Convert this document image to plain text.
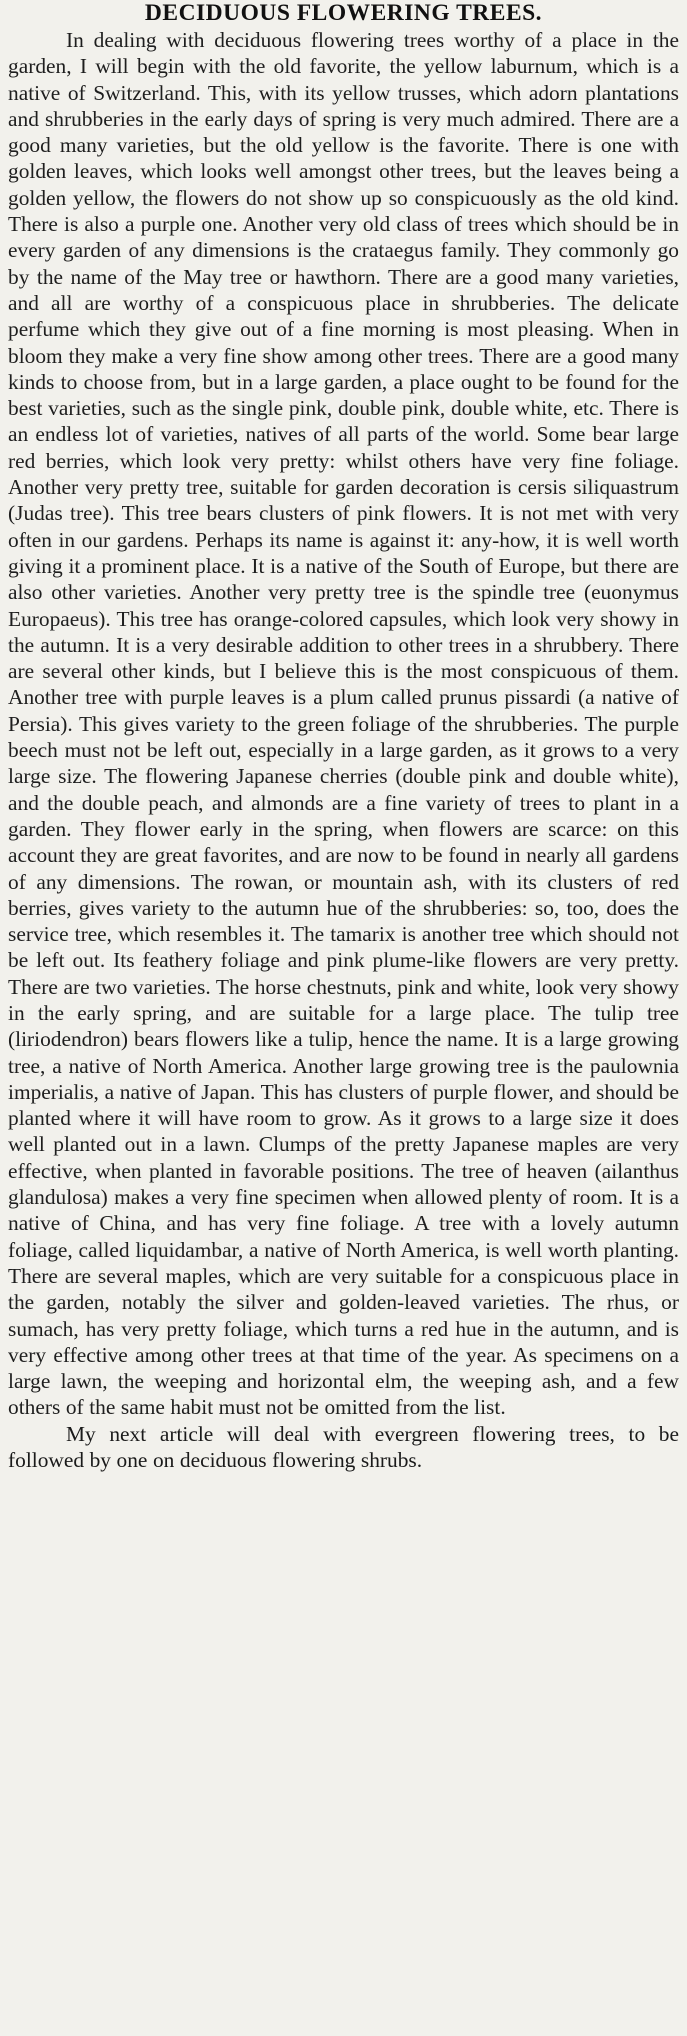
DECIDUOUS FLOWERING TREES.

In dealing with deciduous flowering trees worthy of a place in the garden, I will begin with the old favorite, the yellow laburnum, which is a native of Switzerland. This, with its yellow trusses, which adorn plantations and shrubberies in the early days of spring is very much admired. There are a good many varieties, but the old yellow is the favorite. There is one with golden leaves, which looks well amongst other trees, but the leaves being a golden yellow, the flowers do not show up so conspicuously as the old kind. There is also a purple one. Another very old class of trees which should be in every garden of any dimensions is the crataegus family. They commonly go by the name of the May tree or hawthorn. There are a good many varieties, and all are worthy of a conspicuous place in shrubberies. The delicate perfume which they give out of a fine morning is most pleasing. When in bloom they make a very fine show among other trees. There are a good many kinds to choose from, but in a large garden, a place ought to be found for the best varieties, such as the single pink, double pink, double white, etc. There is an endless lot of varieties, natives of all parts of the world. Some bear large red berries, which look very pretty: whilst others have very fine foliage. Another very pretty tree, suitable for garden decoration is cersis siliquastrum (Judas tree). This tree bears clusters of pink flowers. It is not met with very often in our gardens. Perhaps its name is against it: any-how, it is well worth giving it a prominent place. It is a native of the South of Europe, but there are also other varieties. Another very pretty tree is the spindle tree (euonymus Europaeus). This tree has orange-colored capsules, which look very showy in the autumn. It is a very desirable addition to other trees in a shrubbery. There are several other kinds, but I believe this is the most conspicuous of them. Another tree with purple leaves is a plum called prunus pissardi (a native of Persia). This gives variety to the green foliage of the shrubberies. The purple beech must not be left out, especially in a large garden, as it grows to a very large size. The flowering Japanese cherries (double pink and double white), and the double peach, and almonds are a fine variety of trees to plant in a garden. They flower early in the spring, when flowers are scarce: on this account they are great favorites, and are now to be found in nearly all gardens of any dimensions. The rowan, or mountain ash, with its clusters of red berries, gives variety to the autumn hue of the shrubberies: so, too, does the service tree, which resembles it. The tamarix is another tree which should not be left out. Its feathery foliage and pink plume-like flowers are very pretty. There are two varieties. The horse chestnuts, pink and white, look very showy in the early spring, and are suitable for a large place. The tulip tree (liriodendron) bears flowers like a tulip, hence the name. It is a large growing tree, a native of North America. Another large growing tree is the paulownia imperialis, a native of Japan. This has clusters of purple flower, and should be planted where it will have room to grow. As it grows to a large size it does well planted out in a lawn. Clumps of the pretty Japanese maples are very effective, when planted in favorable positions. The tree of heaven (ailanthus glandulosa) makes a very fine specimen when allowed plenty of room. It is a native of China, and has very fine foliage. A tree with a lovely autumn foliage, called liquidambar, a native of North America, is well worth planting. There are several maples, which are very suitable for a conspicuous place in the garden, notably the silver and golden-leaved varieties. The rhus, or sumach, has very pretty foliage, which turns a red hue in the autumn, and is very effective among other trees at that time of the year. As specimens on a large lawn, the weeping and horizontal elm, the weeping ash, and a few others of the same habit must not be omitted from the list.

My next article will deal with evergreen flowering trees, to be followed by one on deciduous flowering shrubs.
